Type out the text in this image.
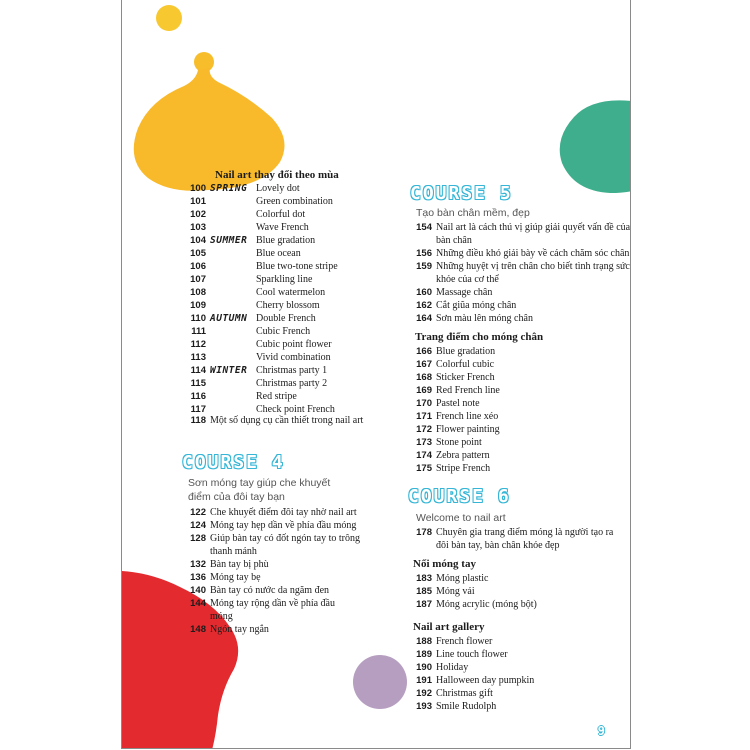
Nail art thay đổi theo mùa
100 SPRING Lovely dot
101	Green combination
102	Colorful dot
103	Wave French
104 SUMMER Blue gradation
105	Blue ocean
106	Blue two-tone stripe
107	Sparkling line
108	Cool watermelon
109	Cherry blossom
110 AUTUMN Double French
111	Cubic French
112	Cubic point flower
113	Vivid combination
114 WINTER Christmas party 1
115	Christmas party 2
116	Red stripe
117	Check point French
118 Một số dụng cụ cần thiết trong nail art
COURSE 4
Sơn móng tay giúp che khuyết điểm của đôi tay bạn
122 Che khuyết điểm đôi tay nhờ nail art
124 Móng tay hẹp dần về phía đầu móng
128 Giúp bàn tay có đốt ngón tay to trông thanh mảnh
132 Bàn tay bị phù
136 Móng tay bẹ
140 Bàn tay có nước da ngăm đen
144 Móng tay rộng dần về phía đầu móng
148 Ngón tay ngắn
COURSE 5
Tạo bàn chân mềm, đẹp
154 Nail art là cách thú vị giúp giải quyết vấn đề của bàn chân
156 Những điều khó giải bày về cách chăm sóc chân
159 Những huyệt vị trên chân cho biết tình trạng sức khỏe của cơ thể
160 Massage chân
162 Cắt giũa móng chân
164 Sơn màu lên móng chân
Trang điểm cho móng chân
166 Blue gradation
167 Colorful cubic
168 Sticker French
169 Red French line
170 Pastel note
171 French line xéo
172 Flower painting
173 Stone point
174 Zebra pattern
175 Stripe French
COURSE 6
Welcome to nail art
178 Chuyên gia trang điểm móng là người tạo ra đôi bàn tay, bàn chân khỏe đẹp
Nối móng tay
183 Móng plastic
185 Móng vải
187 Móng acrylic (móng bột)
Nail art gallery
188 French flower
189 Line touch flower
190 Holiday
191 Halloween day pumpkin
192 Christmas gift
193 Smile Rudolph
9
